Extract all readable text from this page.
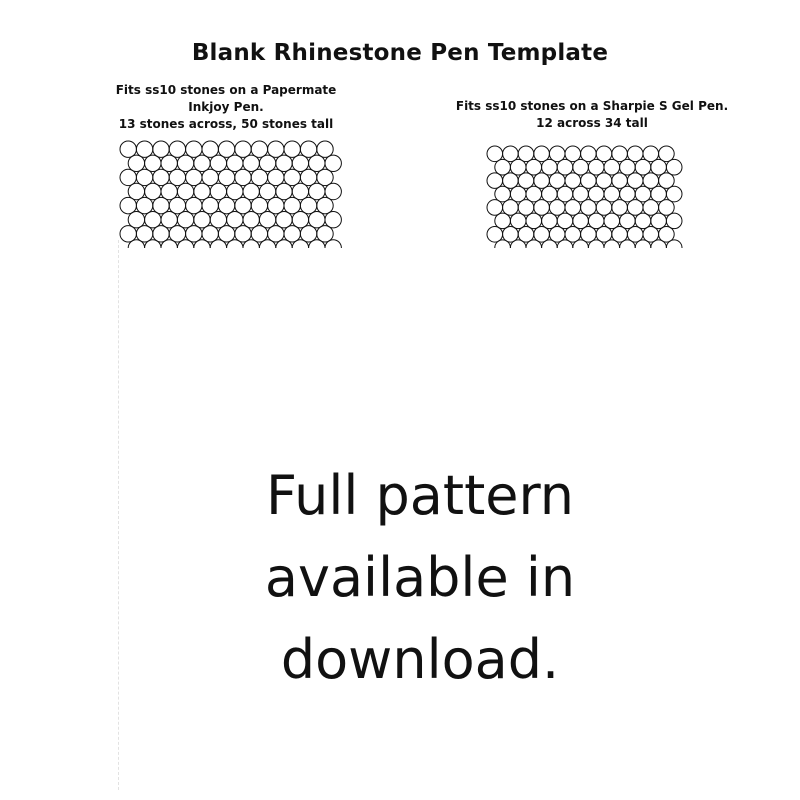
Blank Rhinestone Pen Template
Fits ss10 stones on a Papermate
Inkjoy Pen.
13 stones across, 50 stones tall
Fits ss10 stones on a Sharpie S Gel Pen.
12 across 34 tall
Full pattern
available in
download.
